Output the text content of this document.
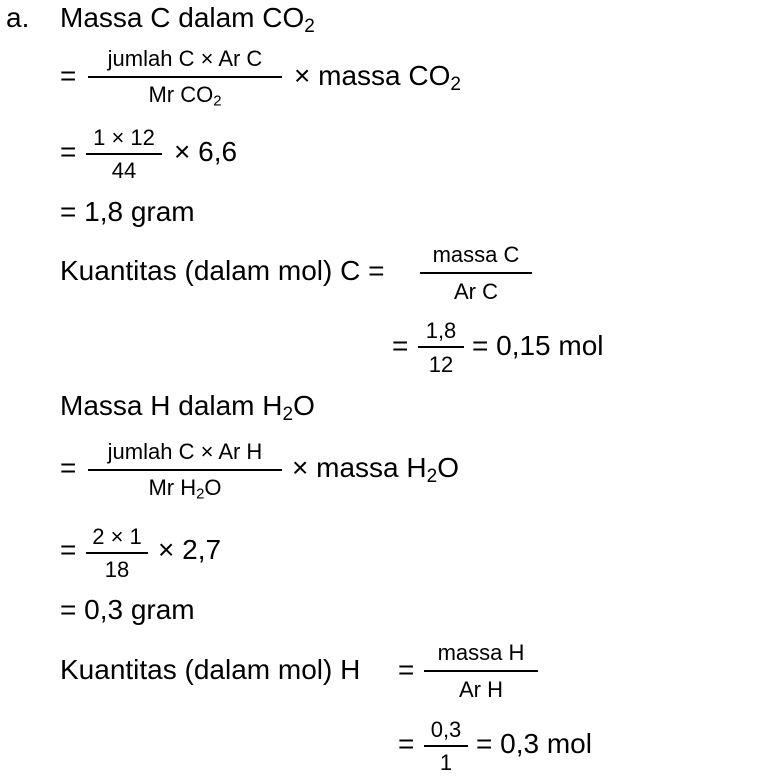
a. Massa C dalam $CO_2$
=
jumlah C × Ar C
Mr $CO_2$
× massa $CO_2$
= 1 × 12
44
× 6,6
= 1,8 gram
Kuantitas (dalam mol) C =
massa C
Ar C
= 1,8
12
= 0,15 mol
Massa H dalam $H_2O$
=
jumlah C × Ar H
Mr $H_2O$
× massa $H_2O$
= 2 × 1
18
× 2,7
= 0,3 gram
Kuantitas (dalam mol) H =
massa H
Ar H
= 0,3
1
= 0,3 mol
